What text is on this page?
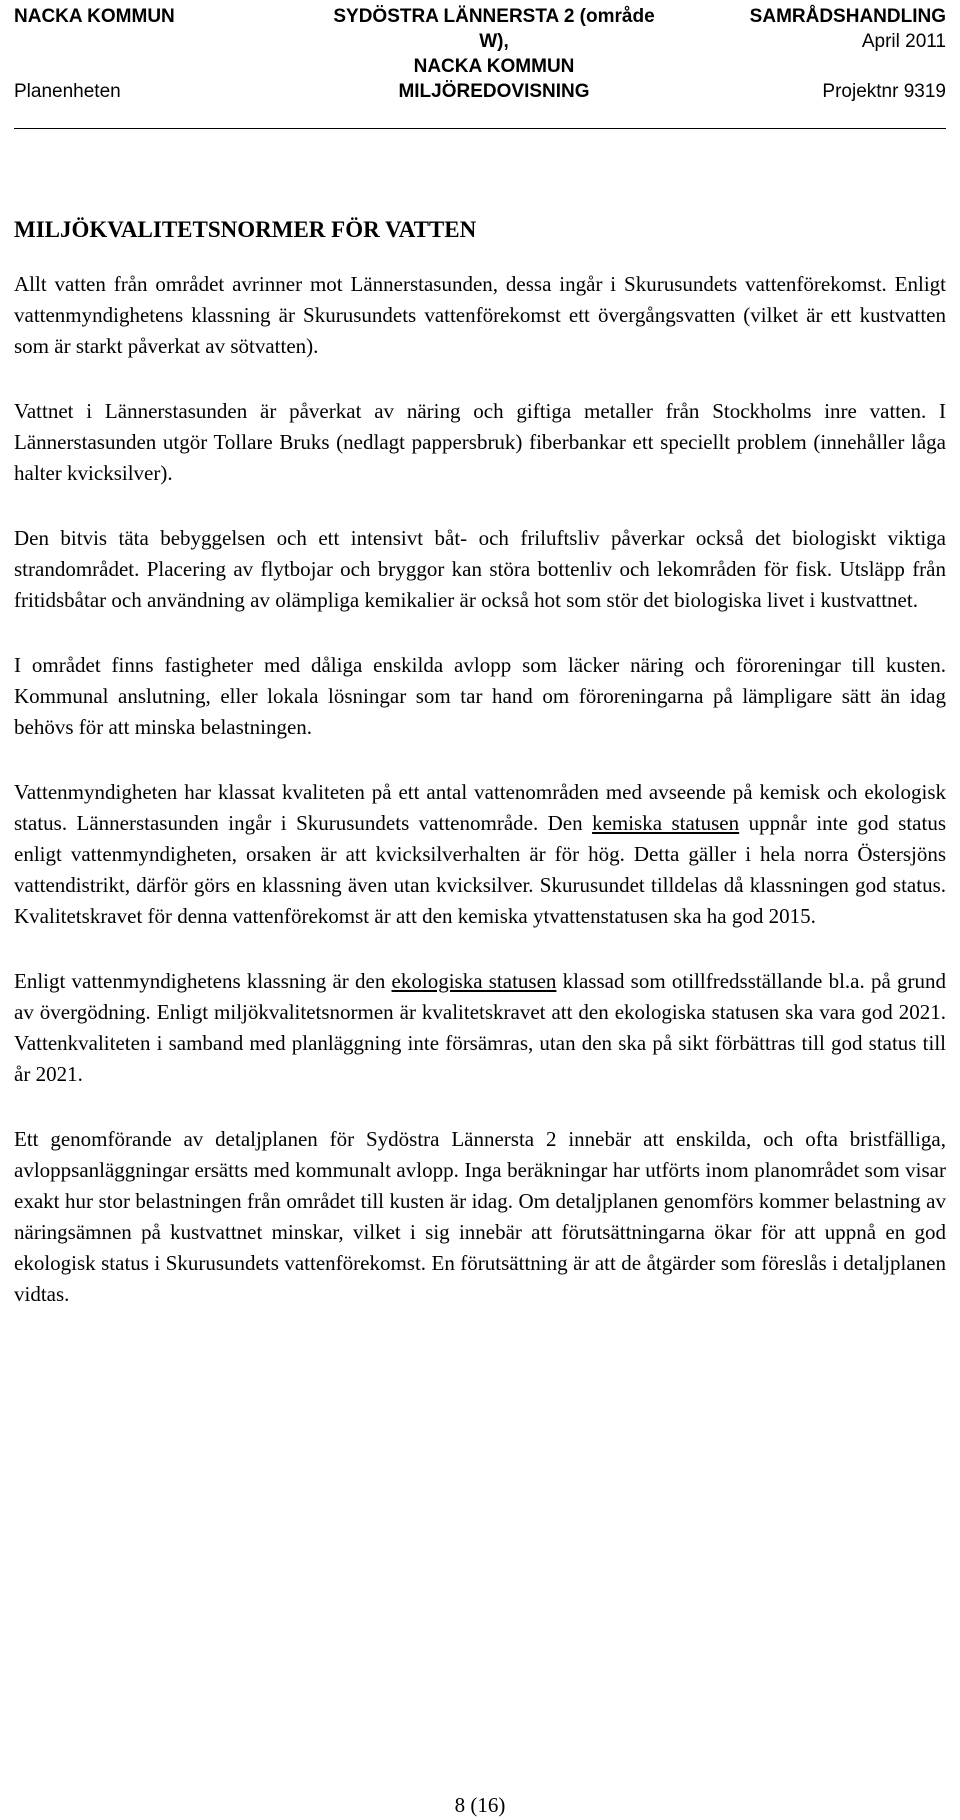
NACKA KOMMUN
Planenheten
SYDÖSTRA LÄNNERSTA 2 (område
W),
NACKA KOMMUN
MILJÖREDOVISNING
SAMRÅDSHANDLING
April 2011
Projektnr 9319
MILJÖKVALITETSNORMER FÖR VATTEN

Allt vatten från området avrinner mot Lännerstasunden, dessa ingår i Skurusundets vattenförekomst. Enligt vattenmyndighetens klassning är Skurusundets vattenförekomst ett övergångsvatten (vilket är ett kustvatten som är starkt påverkat av sötvatten).

Vattnet i Lännerstasunden är påverkat av näring och giftiga metaller från Stockholms inre vatten. I Lännerstasunden utgör Tollare Bruks (nedlagt pappersbruk) fiberbankar ett speciellt problem (innehåller låga halter kvicksilver).

Den bitvis täta bebyggelsen och ett intensivt båt- och friluftsliv påverkar också det biologiskt viktiga strandområdet. Placering av flytbojar och bryggor kan störa bottenliv och lekområden för fisk. Utsläpp från fritidsbåtar och användning av olämpliga kemikalier är också hot som stör det biologiska livet i kustvattnet.

I området finns fastigheter med dåliga enskilda avlopp som läcker näring och föroreningar till kusten. Kommunal anslutning, eller lokala lösningar som tar hand om föroreningarna på lämpligare sätt än idag behövs för att minska belastningen.

Vattenmyndigheten har klassat kvaliteten på ett antal vattenområden med avseende på kemisk och ekologisk status. Lännerstasunden ingår i Skurusundets vattenområde. Den kemiska statusen uppnår inte god status enligt vattenmyndigheten, orsaken är att kvicksilverhalten är för hög. Detta gäller i hela norra Östersjöns vattendistrikt, därför görs en klassning även utan kvicksilver. Skurusundet tilldelas då klassningen god status. Kvalitetskravet för denna vattenförekomst är att den kemiska ytvattenstatusen ska ha god 2015.

Enligt vattenmyndighetens klassning är den ekologiska statusen klassad som otillfredsställande bl.a. på grund av övergödning. Enligt miljökvalitetsnormen är kvalitetskravet att den ekologiska statusen ska vara god 2021. Vattenkvaliteten i samband med planläggning inte försämras, utan den ska på sikt förbättras till god status till år 2021.

Ett genomförande av detaljplanen för Sydöstra Lännersta 2 innebär att enskilda, och ofta bristfälliga, avloppsanläggningar ersätts med kommunalt avlopp. Inga beräkningar har utförts inom planområdet som visar exakt hur stor belastningen från området till kusten är idag. Om detaljplanen genomförs kommer belastning av näringsämnen på kustvattnet minskar, vilket i sig innebär att förutsättningarna ökar för att uppnå en god ekologisk status i Skurusundets vattenförekomst. En förutsättning är att de åtgärder som föreslås i detaljplanen vidtas.

8 (16)
